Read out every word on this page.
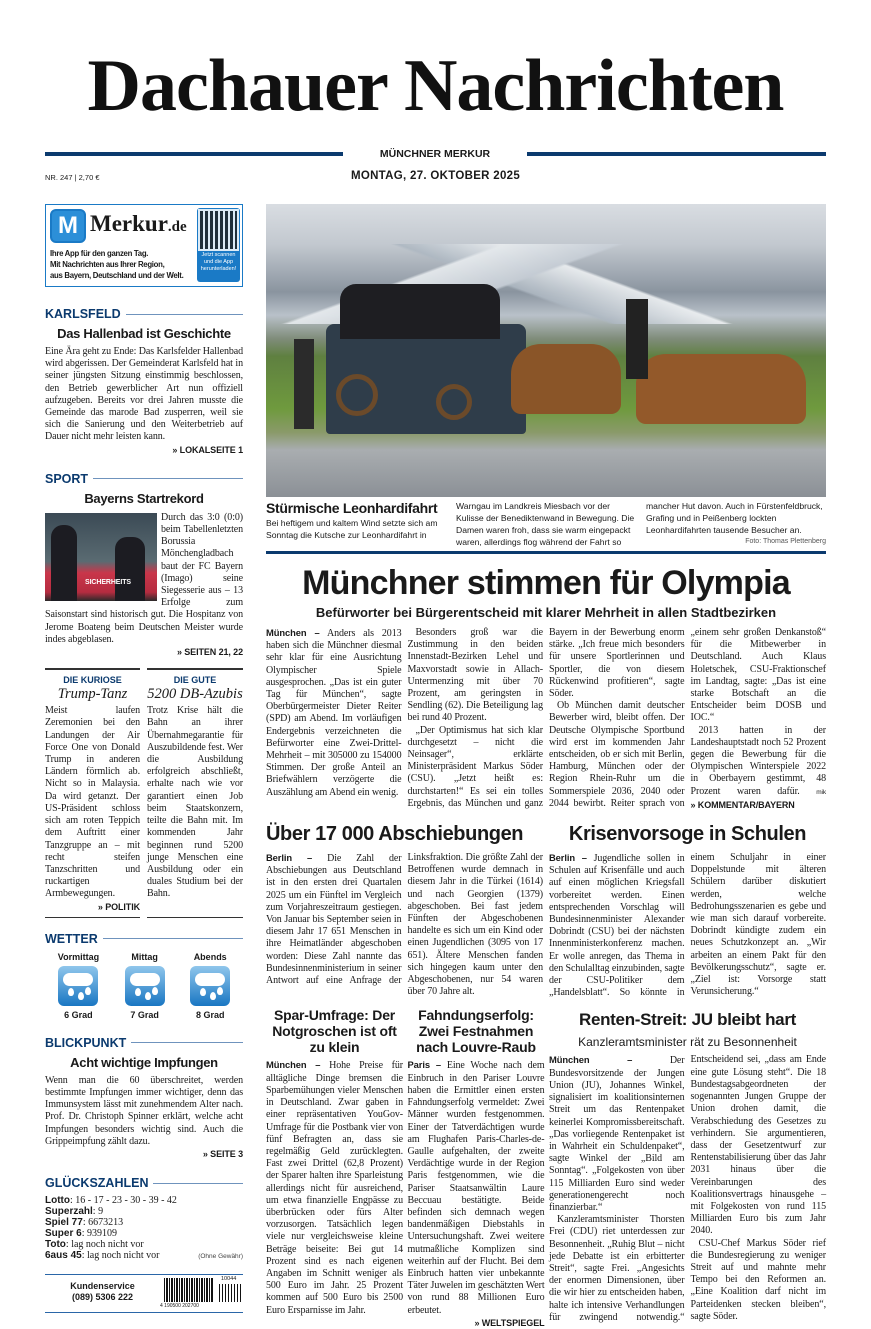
Dachauer Nachrichten
MÜNCHNER MERKUR
MONTAG, 27. OKTOBER 2025
NR. 247 | 2,70 €
M Merkur.de
Ihre App für den ganzen Tag.
Mit Nachrichten aus Ihrer Region,
aus Bayern, Deutschland und der Welt.
Jetzt scannen und die App herunterladen!
KARLSFELD
Das Hallenbad ist Geschichte
Eine Ära geht zu Ende: Das Karlsfelder Hallenbad wird abgerissen. Der Gemeinderat Karlsfeld hat in seiner jüngsten Sitzung einstimmig beschlossen, den Betrieb gewerblicher Art nun offiziell aufzugeben. Bereits vor drei Jahren musste die Gemeinde das marode Bad zusperren, weil sie sich die Sanierung und den Weiterbetrieb auf Dauer nicht mehr leisten kann.
» LOKALSEITE 1
SPORT
Bayerns Startrekord
SICHERHEITS
Durch das 3:0 (0:0) beim Tabellenletzten Borussia Mönchengladbach baut der FC Bayern (Imago) seine Siegesserie aus – 13 Erfolge zum Saisonstart sind historisch gut. Die Hospitanz von Jerome Boateng beim Deutschen Meister wurde indes abgeblasen.
» SEITEN 21, 22
DIE KURIOSE
Trump-Tanz
Meist laufen Zeremonien bei den Landungen der Air Force One von Donald Trump in anderen Ländern förmlich ab. Nicht so in Malaysia. Da wird getanzt. Der US-Präsident schloss sich am roten Teppich dem Auftritt einer Tanzgruppe an – mit recht steifen Tanzschritten und ruckartigen Armbewegungen.
» POLITIK
DIE GUTE
5200 DB-Azubis
Trotz Krise hält die Bahn an ihrer Übernahmegarantie für Auszubildende fest. Wer die Ausbildung erfolgreich abschließt, erhalte nach wie vor garantiert einen Job beim Staatskonzern, teilte die Bahn mit. Im kommenden Jahr beginnen rund 5200 junge Menschen eine Ausbildung oder ein duales Studium bei der Bahn.
WETTER
Vormittag
6 Grad
Mittag
7 Grad
Abends
8 Grad
BLICKPUNKT
Acht wichtige Impfungen
Wenn man die 60 überschreitet, werden bestimmte Impfungen immer wichtiger, denn das Immunsystem lässt mit zunehmendem Alter nach. Prof. Dr. Christoph Spinner erklärt, welche acht Impfungen besonders wichtig sind. Auch die Grippeimpfung zählt dazu.
» SEITE 3
GLÜCKSZAHLEN
Lotto: 16 - 17 - 23 - 30 - 39 - 42
Superzahl: 9
Spiel 77: 6673213
Super 6: 939109
Toto: lag noch nicht vor
6aus 45: lag noch nicht vor	(Ohne Gewähr)
Kundenservice
(089) 5306 222
4 190500 202700
10044
Stürmische Leonhardifahrt
Bei heftigem und kaltem Wind setzte sich am Sonntag die Kutsche zur Leonhardifahrt in Warngau im Landkreis Miesbach vor der Kulisse der Benediktenwand in Bewegung. Die Damen waren froh, dass sie warm eingepackt waren, allerdings flog während der Fahrt so mancher Hut davon. Auch in Fürstenfeldbruck, Grafing und in Peißenberg lockten Leonhardifahrten tausende Besucher an.
Foto: Thomas Plettenberg
Münchner stimmen für Olympia
Befürworter bei Bürgerentscheid mit klarer Mehrheit in allen Stadtbezirken

München – Anders als 2013 haben sich die Münchner diesmal sehr klar für eine Ausrichtung Olympischer Spiele ausgesprochen. „Das ist ein guter Tag für München“, sagte Oberbürgermeister Dieter Reiter (SPD) am Abend. Im vorläufigen Endergebnis verzeichneten die Befürworter eine Zwei-Drittel-Mehrheit – mit 305000 zu 154000 Stimmen. Der große Anteil an Briefwählern verzögerte die Auszählung am Abend ein wenig.

Besonders groß war die Zustimmung in den beiden Innenstadt-Bezirken Lehel und Maxvorstadt sowie in Allach-Untermenzing mit über 70 Prozent, am geringsten in Sendling (62). Die Beteiligung lag bei rund 40 Prozent.

„Der Optimismus hat sich klar durchgesetzt – nicht die Neinsager“, erklärte Ministerpräsident Markus Söder (CSU). „Jetzt heißt es: durchstarten!“ Es sei ein tolles Ergebnis, das München und ganz Bayern in der Bewerbung enorm stärke. „Ich freue mich besonders für unsere Sportlerinnen und Sportler, die von diesem Rückenwind profitieren“, sagte Söder.

Ob München damit deutscher Bewerber wird, bleibt offen. Der Deutsche Olympische Sportbund wird erst im kommenden Jahr entscheiden, ob er sich mit Berlin, Hamburg, München oder der Region Rhein-Ruhr um die Sommerspiele 2036, 2040 oder 2044 bewirbt. Reiter sprach von „einem sehr großen Denkanstoß“ für die Mitbewerber in Deutschland. Auch Klaus Holetschek, CSU-Fraktionschef im Landtag, sagte: „Das ist eine starke Botschaft an die Entscheider beim DOSB und IOC.“

2013 hatten in der Landeshauptstadt noch 52 Prozent gegen die Bewerbung für die Olympischen Winterspiele 2022 in Oberbayern gestimmt, 48 Prozent waren dafür.	mik » KOMMENTAR/BAYERN

Über 17 000 Abschiebungen
Berlin – Die Zahl der Abschiebungen aus Deutschland ist in den ersten drei Quartalen 2025 um ein Fünftel im Vergleich zum Vorjahreszeitraum gestiegen. Von Januar bis September seien in diesem Jahr 17 651 Menschen in ihre Heimatländer abgeschoben worden: Diese Zahl nannte das Bundesinnenministerium in seiner Antwort auf eine Anfrage der Linksfraktion. Die größte Zahl der Betroffenen wurde demnach in diesem Jahr in die Türkei (1614) und nach Georgien (1379) abgeschoben. Bei fast jedem Fünften der Abgeschobenen handelte es sich um ein Kind oder einen Jugendlichen (3095 von 17 651). Ältere Menschen fanden sich hingegen kaum unter den Abgeschobenen, nur 54 waren über 70 Jahre alt.
Krisenvorsoge in Schulen
Berlin – Jugendliche sollen in Schulen auf Krisenfälle und auch auf einen möglichen Kriegsfall vorbereitet werden. Einen entsprechenden Vorschlag will Bundesinnenminister Alexander Dobrindt (CSU) bei der nächsten Innenministerkonferenz machen. Er wolle anregen, das Thema in den Schulalltag einzubinden, sagte der CSU-Politiker dem „Handelsblatt“. So könnte in einem Schuljahr in einer Doppelstunde mit älteren Schülern darüber diskutiert werden, welche Bedrohungsszenarien es gebe und wie man sich darauf vorbereite. Dobrindt kündigte zudem ein neues Schutzkonzept an. „Wir arbeiten an einem Pakt für den Bevölkerungsschutz“, sagte er. „Ziel ist: Vorsorge statt Verunsicherung.“
Spar-Umfrage: Der Notgroschen ist oft zu klein
München – Hohe Preise für alltägliche Dinge bremsen die Sparbemühungen vieler Menschen in Deutschland. Zwar gaben in einer repräsentativen YouGov-Umfrage für die Postbank vier von fünf Befragten an, dass sie regelmäßig Geld zurücklegten. Fast zwei Drittel (62,8 Prozent) der Sparer halten ihre Sparleistung allerdings nicht für ausreichend, um etwa finanzielle Engpässe zu überbrücken oder fürs Alter vorzusorgen. Tatsächlich legen viele nur vergleichsweise kleine Beträge beiseite: Bei gut 14 Prozent sind es nach eigenen Angaben im Schnitt weniger als 500 Euro im Jahr. 25 Prozent kommen auf 500 Euro bis 2500 Euro Ersparnisse im Jahr.
Fahndungserfolg: Zwei Festnahmen nach Louvre-Raub
Paris – Eine Woche nach dem Einbruch in den Pariser Louvre haben die Ermittler einen ersten Fahndungserfolg vermeldet: Zwei Männer wurden festgenommen. Einer der Tatverdächtigen wurde am Flughafen Paris-Charles-de-Gaulle aufgehalten, der zweite Verdächtige wurde in der Region Paris festgenommen, wie die Pariser Staatsanwältin Laure Beccuau bestätigte. Beide befinden sich demnach wegen bandenmäßigen Diebstahls in Untersuchungshaft. Zwei weitere mutmaßliche Komplizen sind weiterhin auf der Flucht. Bei dem Einbruch hatten vier unbekannte Täter Juwelen im geschätzten Wert von rund 88 Millionen Euro erbeutet.
» WELTSPIEGEL
Renten-Streit: JU bleibt hart
Kanzleramtsminister rät zu Besonnenheit

München –	Der Bundesvorsitzende der Jungen Union (JU), Johannes Winkel, signalisiert im koalitionsinternen Streit um das Rentenpaket keinerlei Kompromissbereitschaft. „Das vorliegende Rentenpaket ist in Wahrheit ein Schuldenpaket“, sagte Winkel der „Bild am Sonntag“. „Folgekosten von über 115 Milliarden Euro sind weder generationengerecht noch finanzierbar.“

Kanzleramtsminister Thorsten Frei (CDU) riet unterdessen zur Besonnenheit. „Ruhig Blut – nicht jede Debatte ist ein erbitterter Streit“, sagte Frei. „Angesichts der enormen Dimensionen, über die wir hier zu entscheiden haben, halte ich intensive Verhandlungen für zwingend notwendig.“ Entscheidend sei, „dass am Ende eine gute Lösung steht“. Die 18 Bundestagsabgeordneten der sogenannten Jungen Gruppe der Union drohen damit, die Verabschiedung des Gesetzes zu verhindern. Sie argumentieren, dass der Gesetzentwurf zur Rentenstabilisierung über das Jahr 2031 hinaus über die Vereinbarungen des Koalitionsvertrags hinausgehe – mit Folgekosten von rund 115 Milliarden Euro bis zum Jahr 2040.

CSU-Chef Markus Söder rief die Bundesregierung zu weniger Streit auf und mahnte mehr Tempo bei den Reformen an. „Eine Koalition darf nicht im Parteidenken stecken bleiben“, sagte Söder.
